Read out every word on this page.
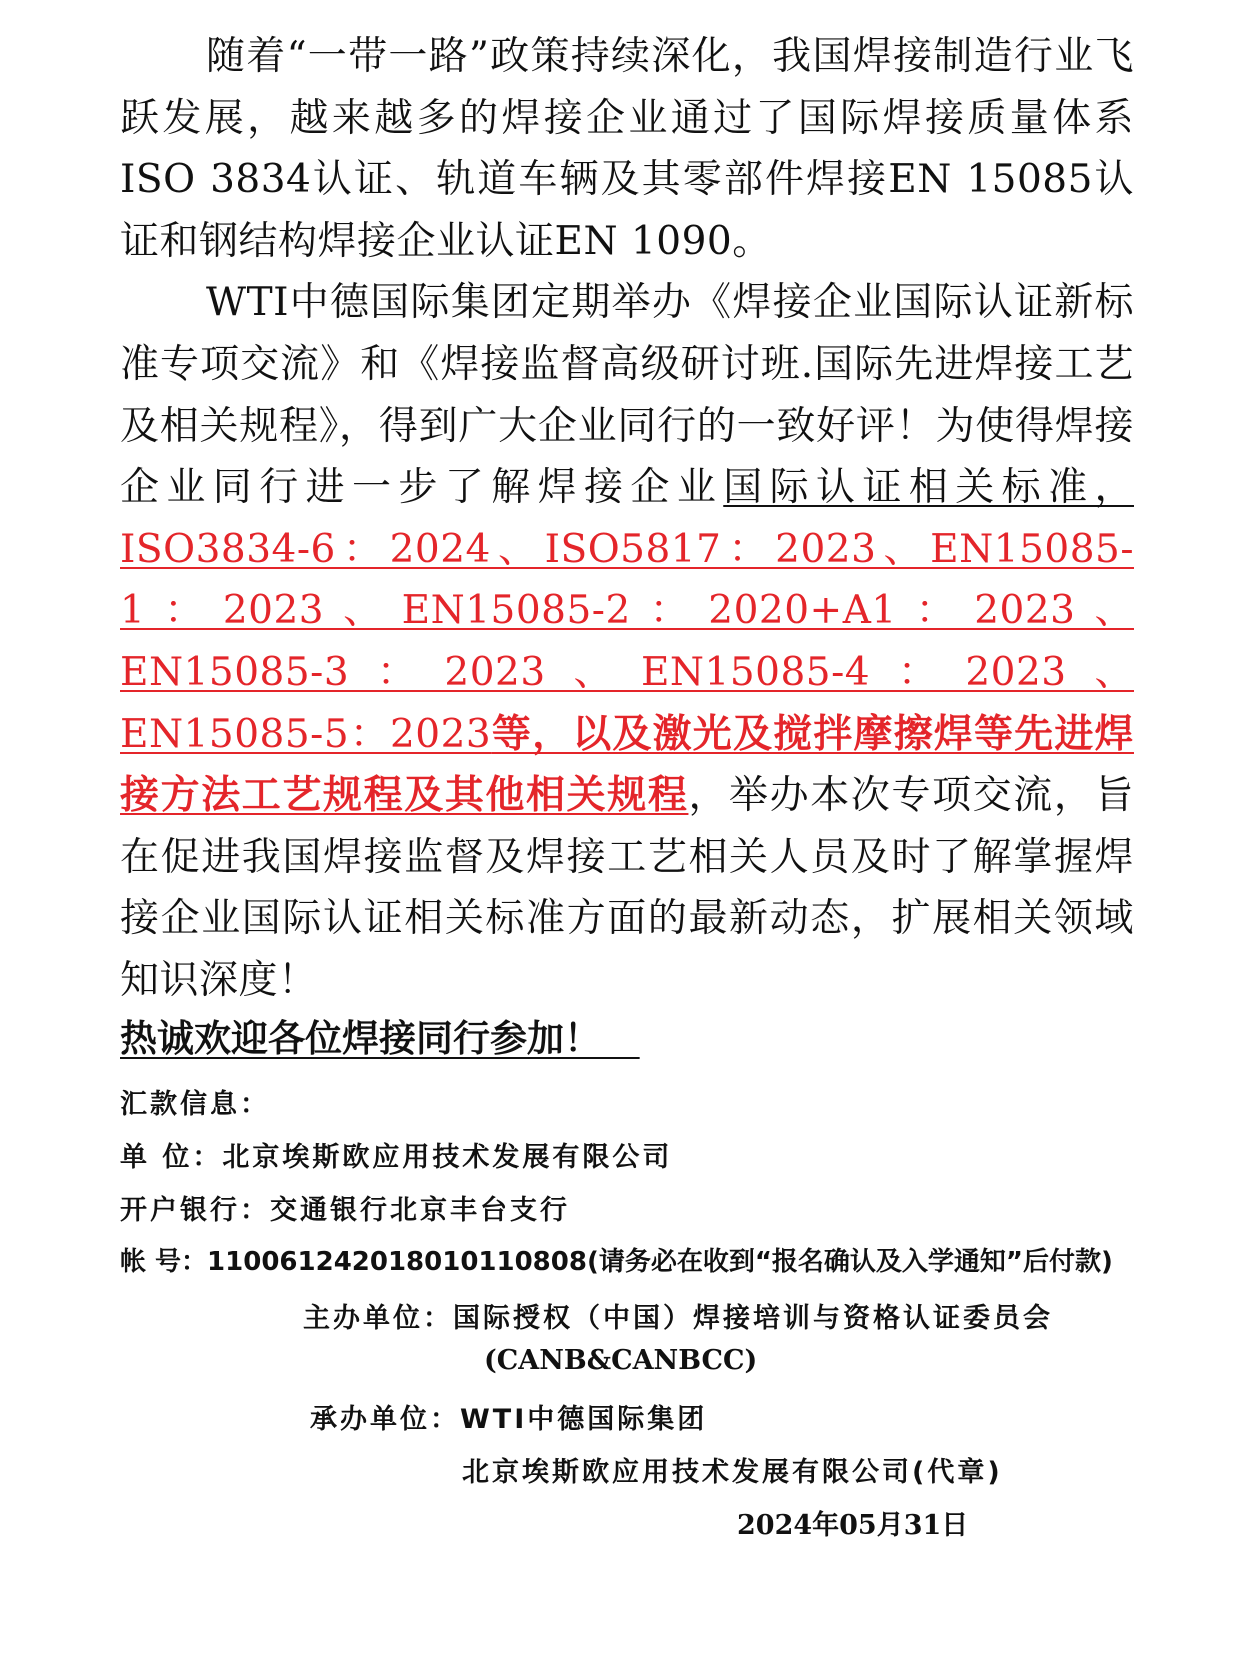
随着“一带一路”政策持续深化，我国焊接制造行业飞跃发展，越来越多的焊接企业通过了国际焊接质量体系ISO 3834认证、轨道车辆及其零部件焊接EN 15085认证和钢结构焊接企业认证EN 1090。

WTI中德国际集团定期举办《焊接企业国际认证新标准专项交流》和《焊接监督高级研讨班.国际先进焊接工艺及相关规程》，得到广大企业同行的一致好评！为使得焊接企业同行进一步了解焊接企业国际认证相关标准，ISO3834-6：2024、ISO5817：2023、EN15085-1：2023、EN15085-2：2020+A1：2023、EN15085-3：2023、EN15085-4：2023、EN15085-5：2023等，以及激光及搅拌摩擦焊等先进焊接方法工艺规程及其他相关规程，举办本次专项交流，旨在促进我国焊接监督及焊接工艺相关人员及时了解掌握焊接企业国际认证相关标准方面的最新动态，扩展相关领域知识深度！

热诚欢迎各位焊接同行参加！
汇款信息：
单 位：北京埃斯欧应用技术发展有限公司
开户银行：交通银行北京丰台支行
帐 号：110061242018010110808(请务必在收到“报名确认及入学通知”后付款)
主办单位：国际授权（中国）焊接培训与资格认证委员会
(CANB&CANBCC)
承办单位：WTI中德国际集团
北京埃斯欧应用技术发展有限公司(代章)
2024年05月31日
